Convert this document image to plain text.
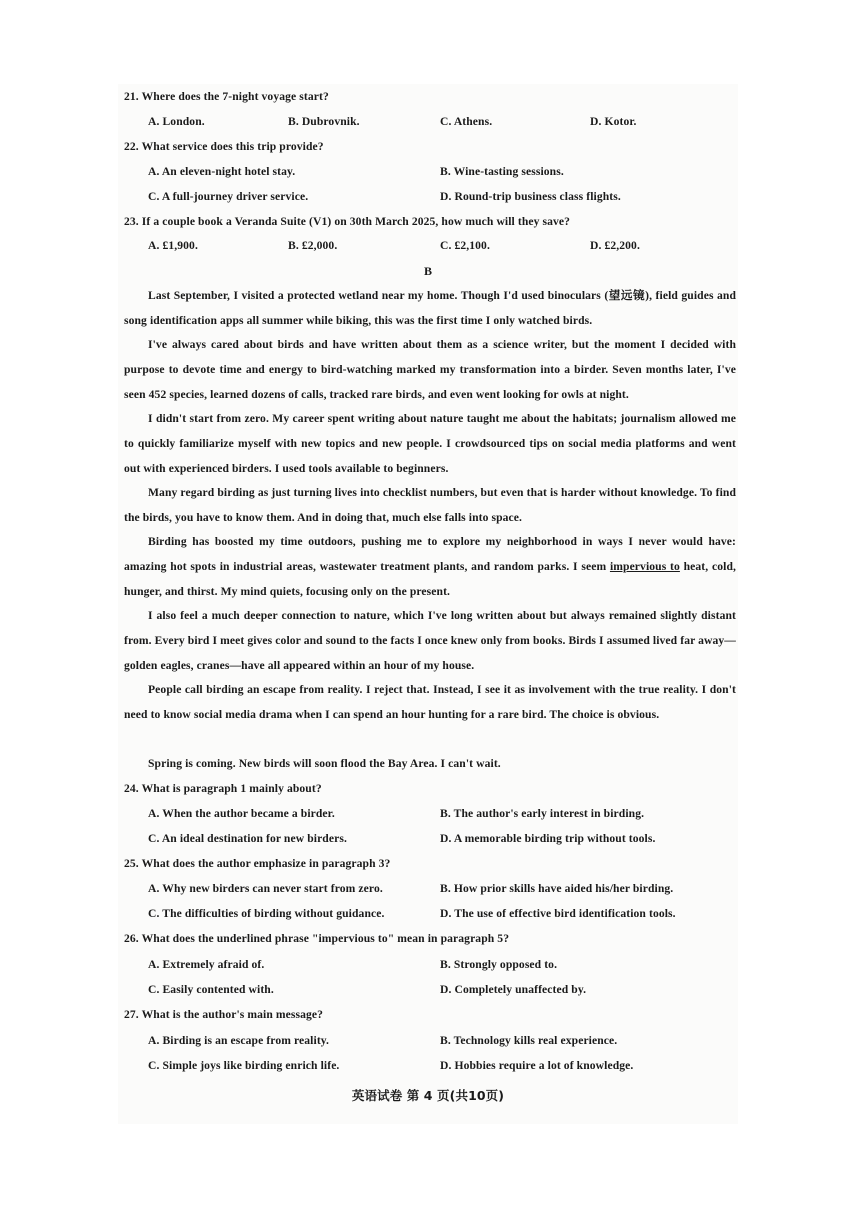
21. Where does the 7-night voyage start?
A. London.	B. Dubrovnik.	C. Athens.	D. Kotor.
22. What service does this trip provide?
A. An eleven-night hotel stay.	B. Wine-tasting sessions.
C. A full-journey driver service.	D. Round-trip business class flights.
23. If a couple book a Veranda Suite (V1) on 30th March 2025, how much will they save?
A. £1,900.	B. £2,000.	C. £2,100.	D. £2,200.
B
Last September, I visited a protected wetland near my home. Though I'd used binoculars (望远镜), field guides and song identification apps all summer while biking, this was the first time I only watched birds.
I've always cared about birds and have written about them as a science writer, but the moment I decided with purpose to devote time and energy to bird-watching marked my transformation into a birder. Seven months later, I've seen 452 species, learned dozens of calls, tracked rare birds, and even went looking for owls at night.
I didn't start from zero. My career spent writing about nature taught me about the habitats; journalism allowed me to quickly familiarize myself with new topics and new people. I crowdsourced tips on social media platforms and went out with experienced birders. I used tools available to beginners.
Many regard birding as just turning lives into checklist numbers, but even that is harder without knowledge. To find the birds, you have to know them. And in doing that, much else falls into space.
Birding has boosted my time outdoors, pushing me to explore my neighborhood in ways I never would have: amazing hot spots in industrial areas, wastewater treatment plants, and random parks. I seem impervious to heat, cold, hunger, and thirst. My mind quiets, focusing only on the present.
I also feel a much deeper connection to nature, which I've long written about but always remained slightly distant from. Every bird I meet gives color and sound to the facts I once knew only from books. Birds I assumed lived far away—golden eagles, cranes—have all appeared within an hour of my house.
People call birding an escape from reality. I reject that. Instead, I see it as involvement with the true reality. I don't need to know social media drama when I can spend an hour hunting for a rare bird. The choice is obvious.
Spring is coming. New birds will soon flood the Bay Area. I can't wait.
24. What is paragraph 1 mainly about?
A. When the author became a birder.	B. The author's early interest in birding.
C. An ideal destination for new birders.	D. A memorable birding trip without tools.
25. What does the author emphasize in paragraph 3?
A. Why new birders can never start from zero.	B. How prior skills have aided his/her birding.
C. The difficulties of birding without guidance.	D. The use of effective bird identification tools.
26. What does the underlined phrase "impervious to" mean in paragraph 5?
A. Extremely afraid of.	B. Strongly opposed to.
C. Easily contented with.	D. Completely unaffected by.
27. What is the author's main message?
A. Birding is an escape from reality.	B. Technology kills real experience.
C. Simple joys like birding enrich life.	D. Hobbies require a lot of knowledge.
英语试卷 第 4 页(共10页)
